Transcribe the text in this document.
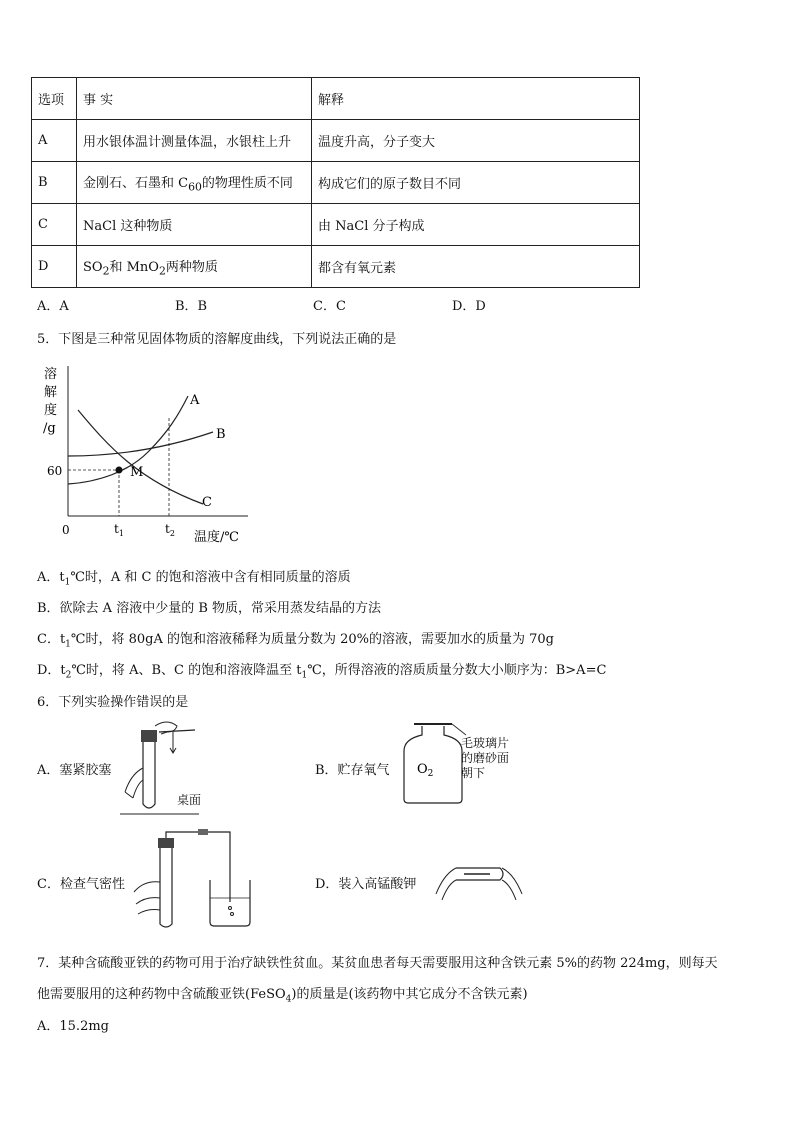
选项	事 实	解释
A	用水银体温计测量体温，水银柱上升	温度升高，分子变大
B	金刚石、石墨和 $C_{60}$的物理性质不同	构成它们的原子数目不同
C	NaCl 这种物质	由 NaCl 分子构成
D	$SO_2$和 MnO$_2$两种物质	都含有氧元素
A．A	B．B	C．C	D．D
5．下图是三种常见固体物质的溶解度曲线，下列说法正确的是
溶
解
度
/g
A
B
C
M
60
0	$t_1$	$t_2$ 温度/℃
A．$t_1℃$时，A 和 C 的饱和溶液中含有相同质量的溶质
B．欲除去 A 溶液中少量的 B 物质，常采用蒸发结晶的方法
C．$t_1℃$时，将 80gA 的饱和溶液稀释为质量分数为 20%的溶液，需要加水的质量为 70g
D．$t_2℃$时，将 A、B、C 的饱和溶液降温至 $t_1℃$，所得溶液的溶质质量分数大小顺序为：B>A=C
6．下列实验操作错误的是
A．塞紧胶塞
桌面
B．贮存氧气 $O_2$
毛玻璃片
的磨砂面
朝下
C．检查气密性	D．装入高锰酸钾
7．某种含硫酸亚铁的药物可用于治疗缺铁性贫血。某贫血患者每天需要服用这种含铁元素 5%的药物 224mg，则每天
他需要服用的这种药物中含硫酸亚铁(FeSO$_4$)的质量是(该药物中其它成分不含铁元素)
A．15.2mg
